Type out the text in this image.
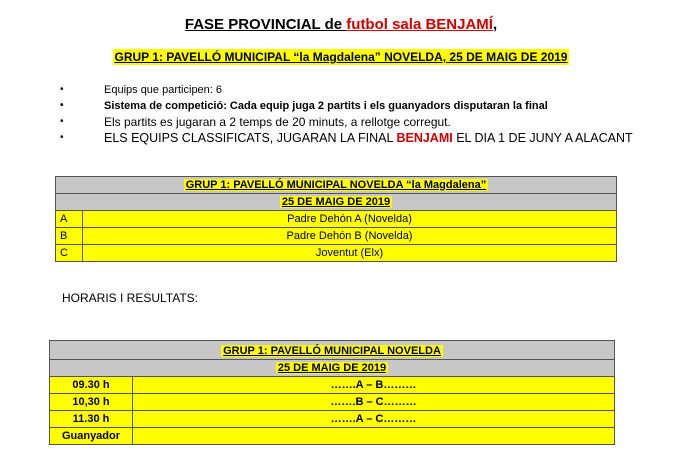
FASE PROVINCIAL de futbol sala BENJAMÍ,
GRUP 1: PAVELLÓ MUNICIPAL “la Magdalena” NOVELDA, 25 DE MAIG DE 2019
•	Equips que participen: 6
•	Sistema de competició: Cada equip juga 2 partits i els guanyadors disputaran la final
•	Els partits es jugaran a 2 temps de 20 minuts, a rellotge corregut.
•	ELS EQUIPS CLASSIFICATS, JUGARAN LA FINAL BENJAMI EL DIA 1 DE JUNY A ALACANT
GRUP 1: PAVELLÓ MUNICIPAL NOVELDA “la Magdalena”	
25 DE MAIG DE 2019	
A	Padre Dehón A (Novelda)
B	Padre Dehón B (Novelda)
C	Joventut (Elx)
HORARIS I RESULTATS:
GRUP 1: PAVELLÓ MUNICIPAL NOVELDA	
25 DE MAIG DE 2019	
09.30 h	…….A – B………
10,30 h	…….B – C………
11.30 h	…….A – C………
Guanyador	
